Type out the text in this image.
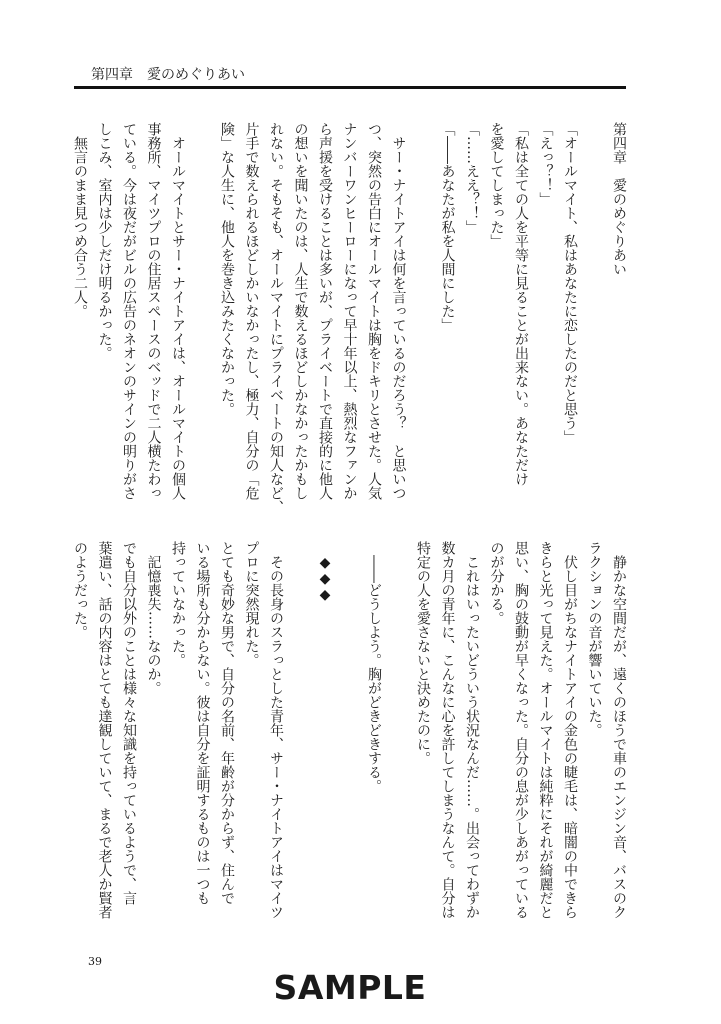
第四章　愛のめぐりあい
第四章　愛のめぐりあい
「オールマイト、私はあなたに恋したのだと思う」
「えっ？！」
「私は全ての人を平等に見ることが出来ない。あなただけ
を愛してしまった」
「……ええ？！」
「――あなたが私を人間にした」
　サー・ナイトアイは何を言っているのだろう？　と思いつ
つ、突然の告白にオールマイトは胸をドキリとさせた。人気
ナンバーワンヒーローになって早十年以上、熱烈なファンか
ら声援を受けることは多いが、プライベートで直接的に他人
の想いを聞いたのは、人生で数えるほどしかなかったかもし
れない。そもそも、オールマイトにプライベートの知人など、
片手で数えられるほどしかいなかったし、極力、自分の「危
険」な人生に、他人を巻き込みたくなかった。
　オールマイトとサー・ナイトアイは、オールマイトの個人
事務所、マイツプロの住居スペースのベッドで二人横たわっ
ている。今は夜だがビルの広告のネオンのサインの明りがさ
しこみ、室内は少しだけ明るかった。
　無言のまま見つめ合う二人。
　静かな空間だが、遠くのほうで車のエンジン音、バスのク
ラクションの音が響いていた。
　伏し目がちなナイトアイの金色の睫毛は、暗闇の中できら
きらと光って見えた。オールマイトは純粋にそれが綺麗だと
思い、胸の鼓動が早くなった。自分の息が少しあがっている
のが分かる。
　これはいったいどういう状況なんだ……。出会ってわずか
数カ月の青年に、こんなに心を許してしまうなんて。自分は
特定の人を愛さないと決めたのに。
　――どうしよう。胸がどきどきする。
　◆◆◆
　その長身のスラっとした青年、サー・ナイトアイはマイツ
プロに突然現れた。
とても奇妙な男で、自分の名前、年齢が分からず、住んで
いる場所も分からない。彼は自分を証明するものは一つも
持っていなかった。
　記憶喪失……なのか。
でも自分以外のことは様々な知識を持っているようで、言
葉遣い、話の内容はとても達観していて、まるで老人か賢者
のようだった。
39
SAMPLE
